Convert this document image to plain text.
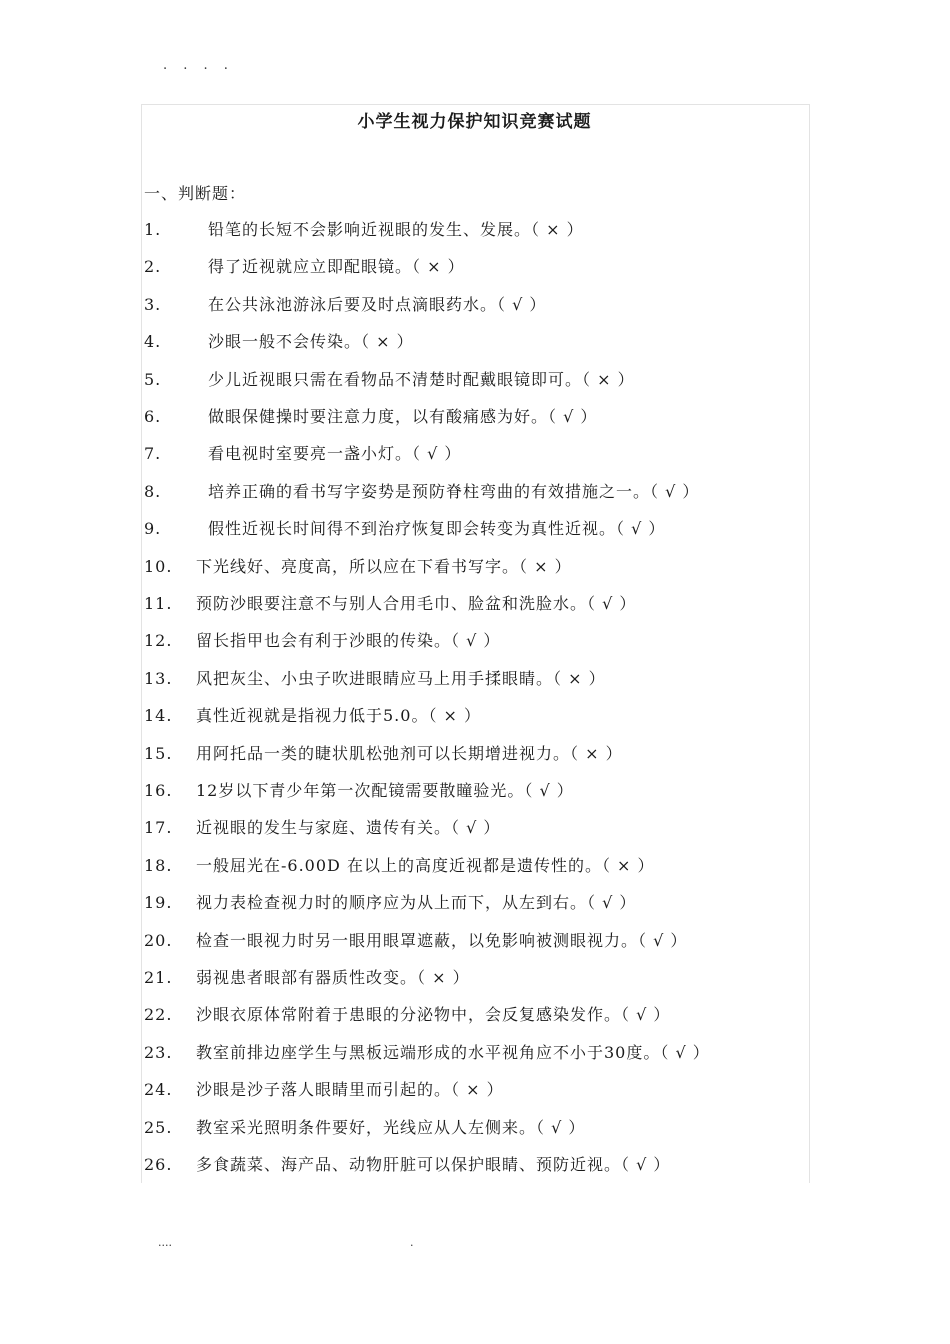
. . . .
小学生视力保护知识竞赛试题
一、判断题：
1.	铅笔的长短不会影响近视眼的发生、发展。（ × ）
2.	得了近视就应立即配眼镜。（ × ）
3.	在公共泳池游泳后要及时点滴眼药水。（ √ ）
4.	沙眼一般不会传染。（ × ）
5.	少儿近视眼只需在看物品不清楚时配戴眼镜即可。（ × ）
6.	做眼保健操时要注意力度，以有酸痛感为好。（ √ ）
7.	看电视时室要亮一盏小灯。（ √ ）
8.	培养正确的看书写字姿势是预防脊柱弯曲的有效措施之一。（ √ ）
9.	假性近视长时间得不到治疗恢复即会转变为真性近视。（ √ ）
10. 下光线好、亮度高，所以应在下看书写字。（ × ）
11. 预防沙眼要注意不与别人合用毛巾、脸盆和洗脸水。（ √ ）
12. 留长指甲也会有利于沙眼的传染。（ √ ）
13. 风把灰尘、小虫子吹进眼睛应马上用手揉眼睛。（ × ）
14. 真性近视就是指视力低于5.0。（ × ）
15. 用阿托品一类的睫状肌松弛剂可以长期增进视力。（ × ）
16. 12岁以下青少年第一次配镜需要散瞳验光。（ √ ）
17. 近视眼的发生与家庭、遗传有关。（ √ ）
18. 一般屈光在-6.00D 在以上的高度近视都是遗传性的。（ × ）
19. 视力表检查视力时的顺序应为从上而下，从左到右。（ √ ）
20. 检查一眼视力时另一眼用眼罩遮蔽，以免影响被测眼视力。（ √ ）
21. 弱视患者眼部有器质性改变。（ × ）
22. 沙眼衣原体常附着于患眼的分泌物中，会反复感染发作。（ √ ）
23. 教室前排边座学生与黑板远端形成的水平视角应不小于30度。（ √ ）
24. 沙眼是沙子落人眼睛里而引起的。（ × ）
25. 教室采光照明条件要好，光线应从人左侧来。（ √ ）
26. 多食蔬菜、海产品、动物肝脏可以保护眼睛、预防近视。（ √ ）
....	.
